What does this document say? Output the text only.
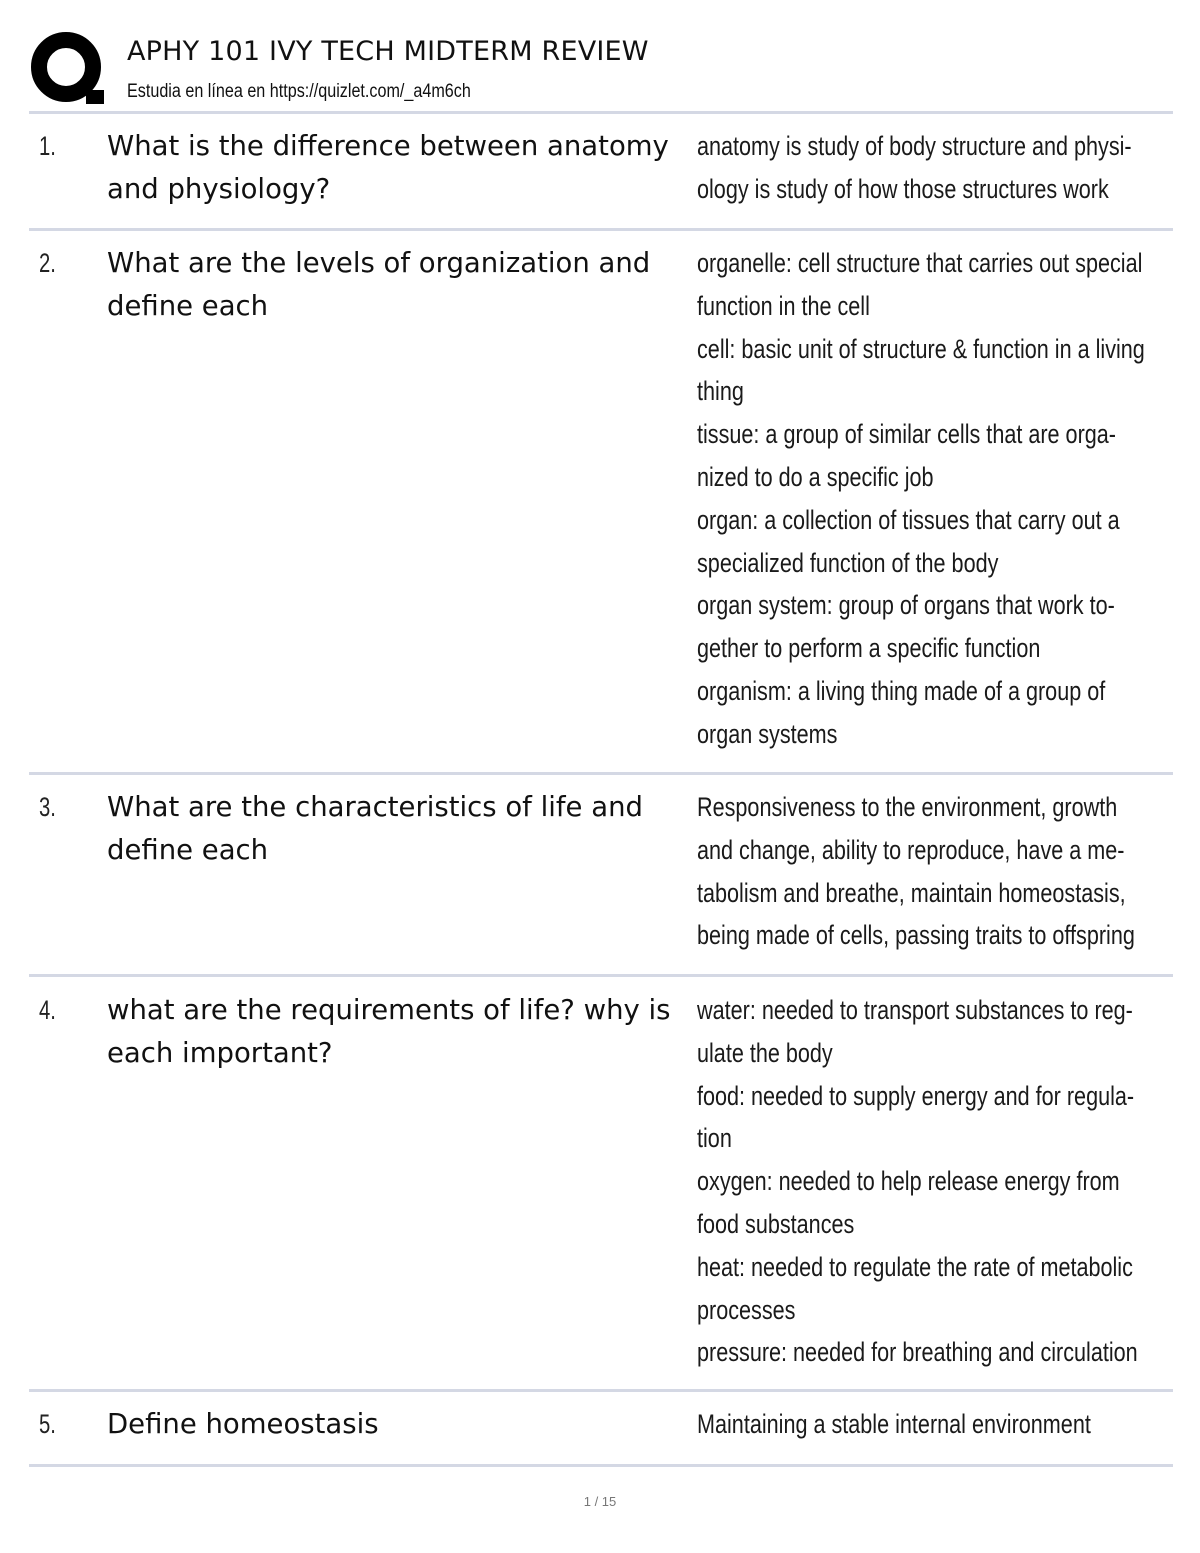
APHY 101 IVY TECH MIDTERM REVIEW
Estudia en línea en https://quizlet.com/_a4m6ch
1. What is the difference between anatomy and physiology?
anatomy is study of body structure and physi-
ology is study of how those structures work
2. What are the levels of organization and define each
organelle: cell structure that carries out special
function in the cell
cell: basic unit of structure & function in a living
thing
tissue: a group of similar cells that are orga-
nized to do a specific job
organ: a collection of tissues that carry out a
specialized function of the body
organ system: group of organs that work to-
gether to perform a specific function
organism: a living thing made of a group of
organ systems
3. What are the characteristics of life and define each
Responsiveness to the environment, growth
and change, ability to reproduce, have a me-
tabolism and breathe, maintain homeostasis,
being made of cells, passing traits to offspring
4. what are the requirements of life? why is each important?
water: needed to transport substances to reg-
ulate the body
food: needed to supply energy and for regula-
tion
oxygen: needed to help release energy from
food substances
heat: needed to regulate the rate of metabolic
processes
pressure: needed for breathing and circulation
5. Define homeostasis	Maintaining a stable internal environment
1 / 15
